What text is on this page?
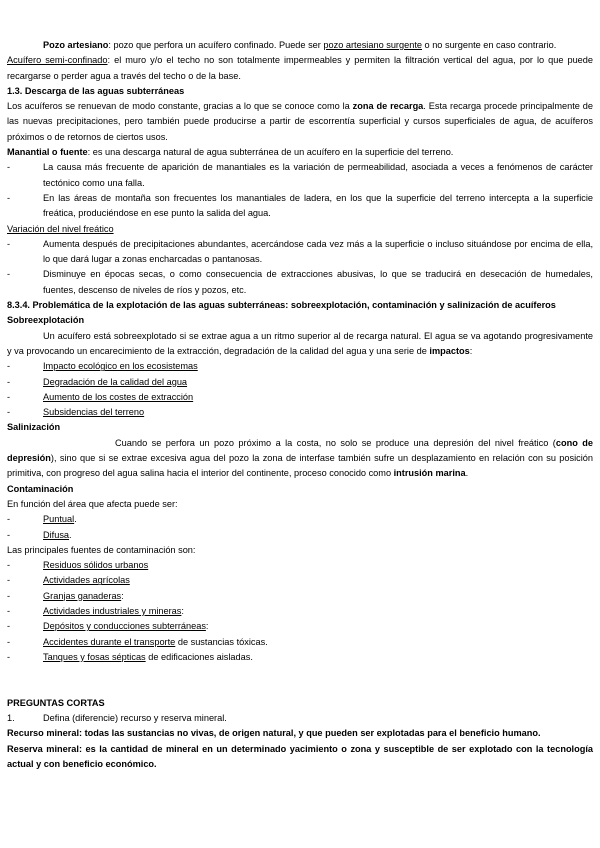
Pozo artesiano: pozo que perfora un acuífero confinado. Puede ser pozo artesiano surgente o no surgente en caso contrario.

Acuífero semi-confinado: el muro y/o el techo no son totalmente impermeables y permiten la filtración vertical del agua, por lo que puede recargarse o perder agua a través del techo o de la base.

1.3. Descarga de las aguas subterráneas

Los acuíferos se renuevan de modo constante, gracias a lo que se conoce como la zona de recarga. Esta recarga procede principalmente de las nuevas precipitaciones, pero también puede producirse a partir de escorrentía superficial y cursos superficiales de agua, de acuíferos próximos o de retornos de ciertos usos.

Manantial o fuente: es una descarga natural de agua subterránea de un acuífero en la superficie del terreno.

-	La causa más frecuente de aparición de manantiales es la variación de permeabilidad, asociada a veces a fenómenos de carácter tectónico como una falla.

-	En las áreas de montaña son frecuentes los manantiales de ladera, en los que la superficie del terreno intercepta a la superficie freática, produciéndose en ese punto la salida del agua.

Variación del nivel freático

-	Aumenta después de precipitaciones abundantes, acercándose cada vez más a la superficie o incluso situándose por encima de ella, lo que dará lugar a zonas encharcadas o pantanosas.

-	Disminuye en épocas secas, o como consecuencia de extracciones abusivas, lo que se traducirá en desecación de humedales, fuentes, descenso de niveles de ríos y pozos, etc.

8.3.4. Problemática de la explotación de las aguas subterráneas: sobreexplotación, contaminación y salinización de acuíferos

Sobreexplotación

Un acuífero está sobreexplotado si se extrae agua a un ritmo superior al de recarga natural. El agua se va agotando progresivamente y va provocando un encarecimiento de la extracción, degradación de la calidad del agua y una serie de impactos:

-	Impacto ecológico en los ecosistemas
-	Degradación de la calidad del agua
-	Aumento de los costes de extracción
-	Subsidencias del terreno

Salinización

Cuando se perfora un pozo próximo a la costa, no solo se produce una depresión del nivel freático (cono de depresión), sino que si se extrae excesiva agua del pozo la zona de interfase también sufre un desplazamiento en relación con su posición primitiva, con progreso del agua salina hacia el interior del continente, proceso conocido como intrusión marina.

Contaminación

En función del área que afecta puede ser:

-	Puntual.
-	Difusa.

Las principales fuentes de contaminación son:

-	Residuos sólidos urbanos
-	Actividades agrícolas
-	Granjas ganaderas:
-	Actividades industriales y mineras:
-	Depósitos y conducciones subterráneas:
-	Accidentes durante el transporte de sustancias tóxicas.
-	Tanques y fosas sépticas de edificaciones aisladas.

PREGUNTAS CORTAS

1.	Defina (diferencie) recurso y reserva mineral.

Recurso mineral: todas las sustancias no vivas, de origen natural, y que pueden ser explotadas para el beneficio humano.

Reserva mineral: es la cantidad de mineral en un determinado yacimiento o zona y susceptible de ser explotado con la tecnología actual y con beneficio económico.
